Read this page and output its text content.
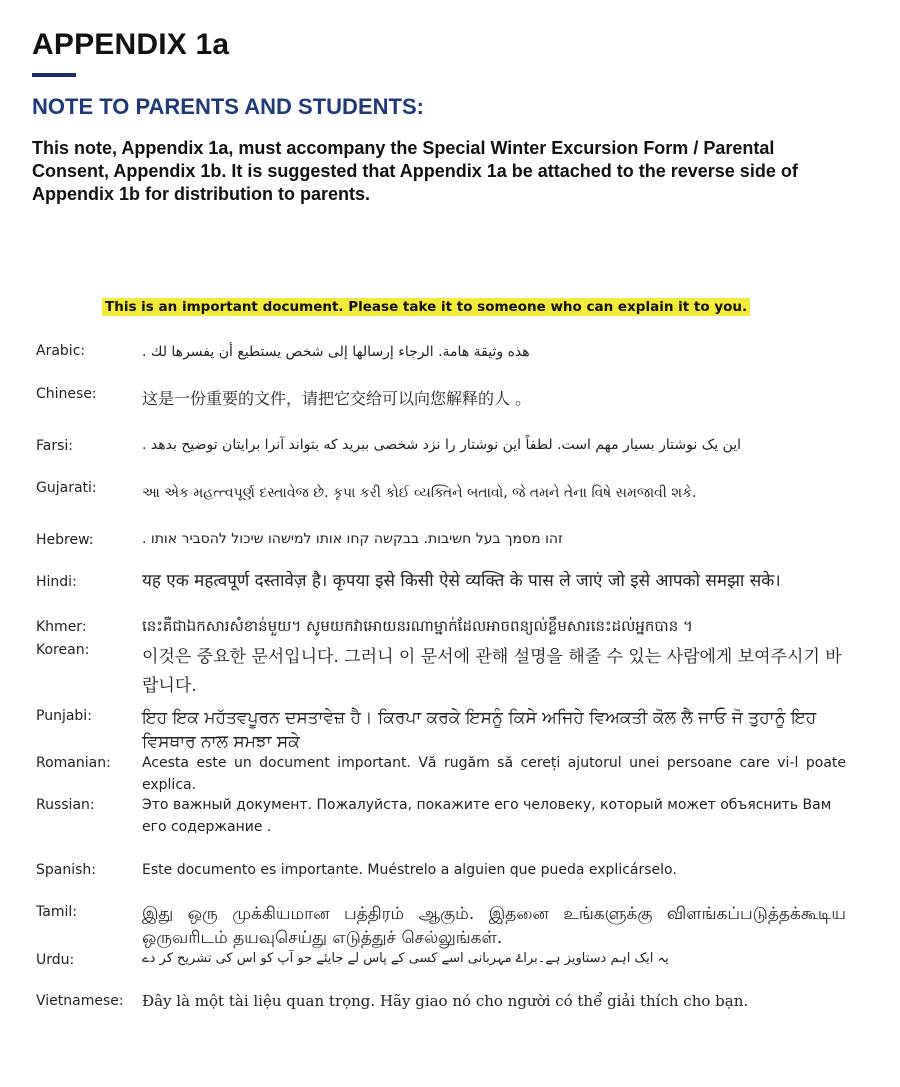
APPENDIX 1a
NOTE TO PARENTS AND STUDENTS:
This note, Appendix 1a, must accompany the Special Winter Excursion Form / Parental Consent, Appendix 1b. It is suggested that Appendix 1a be attached to the reverse side of Appendix 1b for distribution to parents.
This is an important document. Please take it to someone who can explain it to you.
Arabic:	هذه وثيقة هامة. الرجاء إرسالها إلى شخص يستطيع أن يفسرها لك .
Chinese:	这是一份重要的文件，请把它交给可以向您解释的人 。
Farsi:	این یک نوشتار بسیار مهم است. لطفاً این نوشتار را نزد شخصی ببرید که بتواند آنرا برایتان توضیح بدهد .
Gujarati:	આ એક મહત્ત્વપૂર્ણ દસ્તાવેજ છે. કૃપા કરી કોઈ વ્યક્તિને બતાવો, જે તમને તેના વિષે સમજાવી શકે.
Hebrew:	זהו מסמך בעל חשיבות. בבקשה קחו אותו למישהו שיכול להסביר אותו .
Hindi:	यह एक महत्वपूर्ण दस्तावेज़ है। कृपया इसे किसी ऐसे व्यक्ति के पास ले जाएं जो इसे आपको समझा सके।
Khmer:	នេះគឺជាឯកសារសំខាន់មួយ។ សូមយកវាអោយនរណាម្នាក់ដែលអាចពន្យល់ខ្លឹមសារនេះដល់អ្នកបាន ។
Korean:	이것은 중요한 문서입니다. 그러니 이 문서에 관해 설명을 해줄 수 있는 사람에게 보여주시기 바랍니다.
Punjabi:	ਇਹ ਇਕ ਮਹੱਤਵਪੂਰਨ ਦਸਤਾਵੇਜ਼ ਹੈ। ਕਿਰਪਾ ਕਰਕੇ ਇਸਨੂੰ ਕਿਸੇ ਅਜਿਹੇ ਵਿਅਕਤੀ ਕੋਲ ਲੈ ਜਾਓ ਜੋ ਤੁਹਾਨੂੰ ਇਹ ਵਿਸਥਾਰ ਨਾਲ ਸਮਝਾ ਸਕੇ
Romanian: Acesta este un document important. Vă rugăm să cereți ajutorul unei persoane care vi-l poate explica.
Russian:	Это важный документ. Пожалуйста, покажите его человеку, который может объяснить Вам его содержание .
Spanish:	Este documento es importante. Muéstrelo a alguien que pueda explicárselo.
Tamil:	இது ஒரு முக்கியமான பத்திரம் ஆகும். இதனை உங்களுக்கு விளங்கப்படுத்தக்கூடிய ஒருவரிடம் தயவுசெய்து எடுத்துச் செல்லுங்கள்.
Urdu:	یہ ایک اہم دستاویز ہے۔براۓ مہربانی اسے کسی کے پاس لے جایئے جو آپ کو اس کی تشریح کر دے
Vietnamese: Đây là một tài liệu quan trọng. Hãy giao nó cho người có thể giải thích cho bạn.
